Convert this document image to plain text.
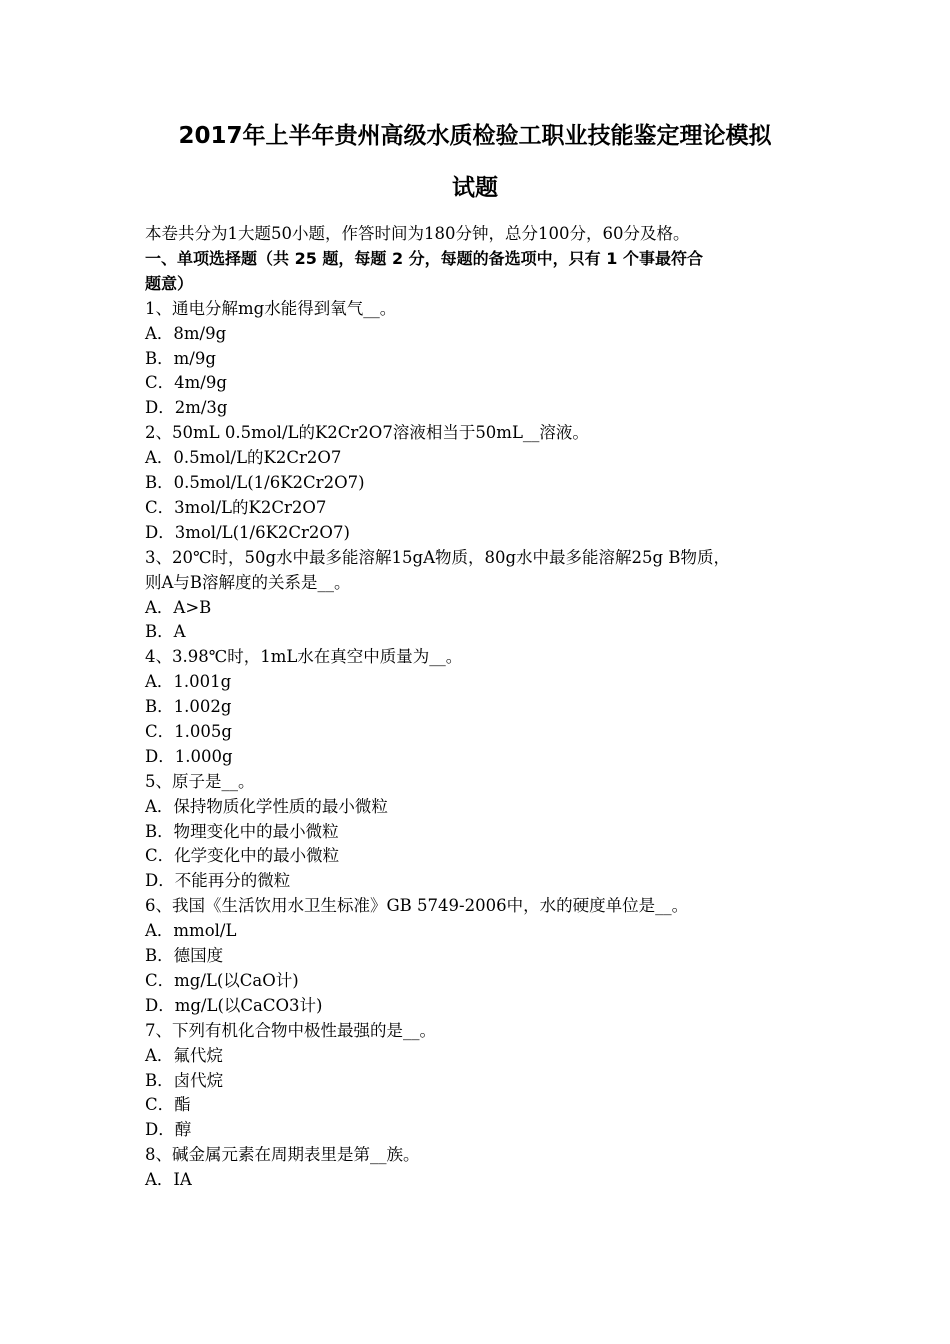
2017年上半年贵州高级水质检验工职业技能鉴定理论模拟
试题
本卷共分为1大题50小题，作答时间为180分钟，总分100分，60分及格。
一、单项选择题（共 25 题，每题 2 分，每题的备选项中，只有 1 个事最符合
题意）
1、通电分解mg水能得到氧气__。
A．8m/9g
B．m/9g
C．4m/9g
D．2m/3g
2、50mL 0.5mol/L的K2Cr2O7溶液相当于50mL__溶液。
A．0.5mol/L的K2Cr2O7
B．0.5mol/L(1/6K2Cr2O7)
C．3mol/L的K2Cr2O7
D．3mol/L(1/6K2Cr2O7)
3、20℃时，50g水中最多能溶解15gA物质，80g水中最多能溶解25g B物质，
则A与B溶解度的关系是__。
A．A>B
B．A
4、3.98℃时，1mL水在真空中质量为__。
A．1.001g
B．1.002g
C．1.005g
D．1.000g
5、原子是__。
A．保持物质化学性质的最小微粒
B．物理变化中的最小微粒
C．化学变化中的最小微粒
D．不能再分的微粒
6、我国《生活饮用水卫生标准》GB 5749-2006中，水的硬度单位是__。
A．mmol/L
B．德国度
C．mg/L(以CaO计)
D．mg/L(以CaCO3计)
7、下列有机化合物中极性最强的是__。
A．氟代烷
B．卤代烷
C．酯
D．醇
8、碱金属元素在周期表里是第__族。
A．ⅠA
